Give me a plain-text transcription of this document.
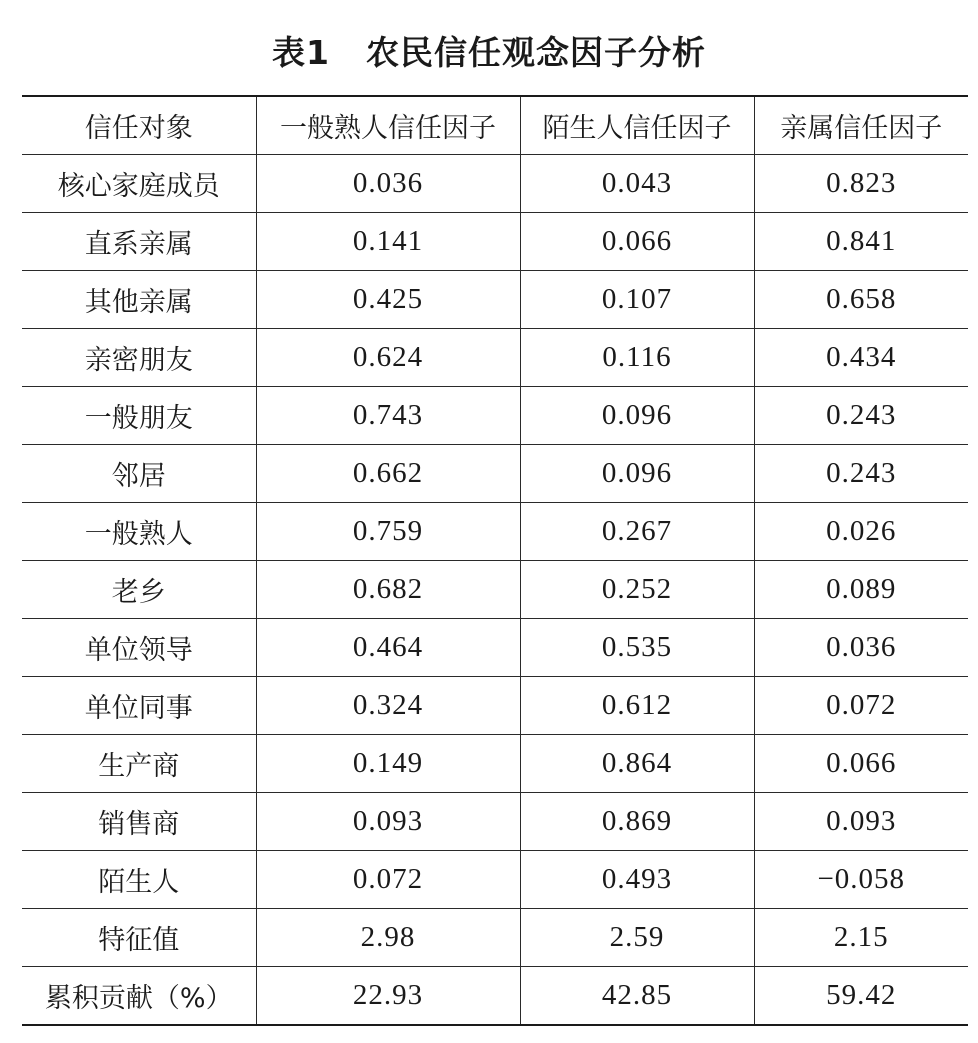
表1 农民信任观念因子分析
信任对象	一般熟人信任因子	陌生人信任因子	亲属信任因子
核心家庭成员	0.036	0.043	0.823
直系亲属	0.141	0.066	0.841
其他亲属	0.425	0.107	0.658
亲密朋友	0.624	0.116	0.434
一般朋友	0.743	0.096	0.243
邻居	0.662	0.096	0.243
一般熟人	0.759	0.267	0.026
老乡	0.682	0.252	0.089
单位领导	0.464	0.535	0.036
单位同事	0.324	0.612	0.072
生产商	0.149	0.864	0.066
销售商	0.093	0.869	0.093
陌生人	0.072	0.493	−0.058
特征值	2.98	2.59	2.15
累积贡献（%）	22.93	42.85	59.42
